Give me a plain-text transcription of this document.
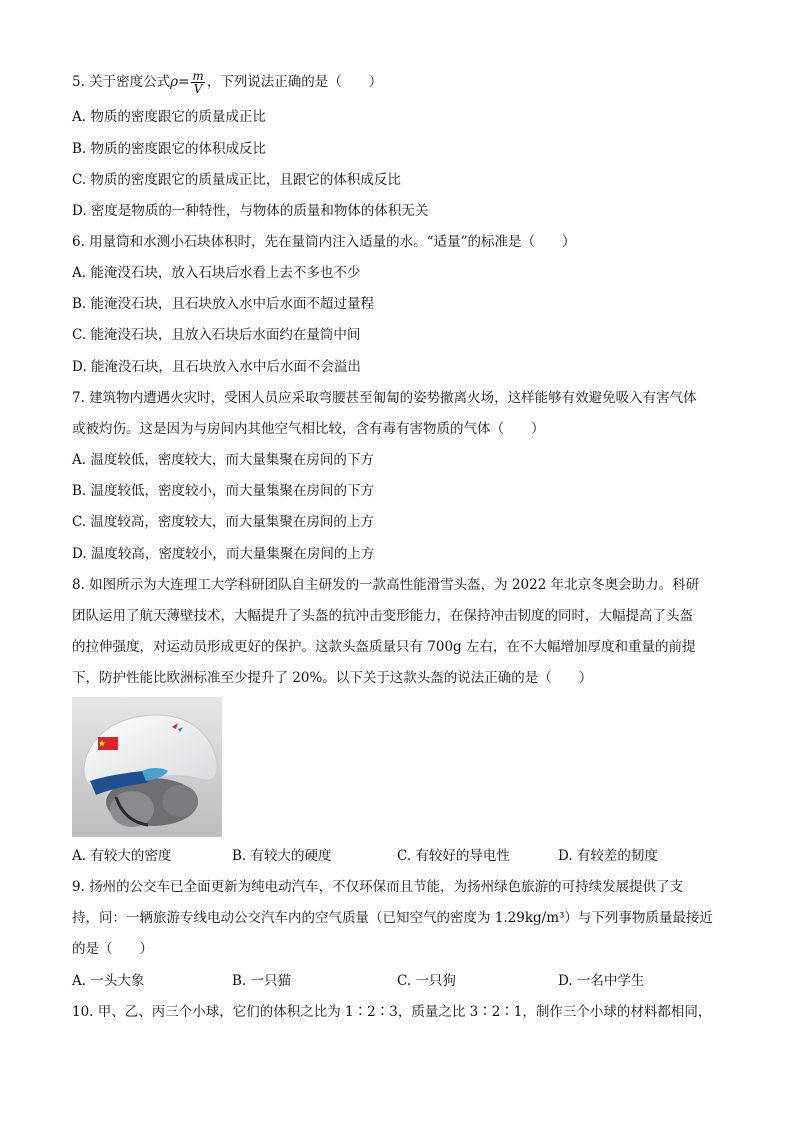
5. 关于密度公式$\rho= \frac{m}{V}$ ，下列说法正确的是（　　）
A. 物质的密度跟它的质量成正比
B. 物质的密度跟它的体积成反比
C. 物质的密度跟它的质量成正比，且跟它的体积成反比
D. 密度是物质的一种特性，与物体的质量和物体的体积无关
6. 用量筒和水测小石块体积时，先在量筒内注入适量的水。“适量”的标准是（　　）
A. 能淹没石块，放入石块后水看上去不多也不少
B. 能淹没石块，且石块放入水中后水面不超过量程
C. 能淹没石块，且放入石块后水面约在量筒中间
D. 能淹没石块，且石块放入水中后水面不会溢出
7. 建筑物内遭遇火灾时，受困人员应采取弯腰甚至匍匐的姿势撤离火场，这样能够有效避免吸入有害气体
或被灼伤。这是因为与房间内其他空气相比较，含有毒有害物质的气体（　　）
A. 温度较低，密度较大，而大量集聚在房间的下方
B. 温度较低，密度较小，而大量集聚在房间的下方
C. 温度较高，密度较大，而大量集聚在房间的上方
D. 温度较高，密度较小，而大量集聚在房间的上方
8. 如图所示为大连理工大学科研团队自主研发的一款高性能滑雪头盔，为 2022 年北京冬奥会助力。科研
团队运用了航天薄壁技术，大幅提升了头盔的抗冲击变形能力，在保持冲击韧度的同时，大幅提高了头盔
的拉伸强度，对运动员形成更好的保护。这款头盔质量只有 700g 左右，在不大幅增加厚度和重量的前提
下，防护性能比欧洲标准至少提升了 20%。以下关于这款头盔的说法正确的是（　　）
A. 有较大的密度	B. 有较大的硬度	C. 有较好的导电性	D. 有较差的韧度
9. 扬州的公交车已全面更新为纯电动汽车，不仅环保而且节能，为扬州绿色旅游的可持续发展提供了支
持，问：一辆旅游专线电动公交汽车内的空气质量（已知空气的密度为 1.29kg/m³）与下列事物质量最接近
的是（　　）
A. 一头大象	B. 一只猫	C. 一只狗	D. 一名中学生
10. 甲、乙、丙三个小球，它们的体积之比为 1∶2∶3，质量之比 3∶2∶1，制作三个小球的材料都相同，
